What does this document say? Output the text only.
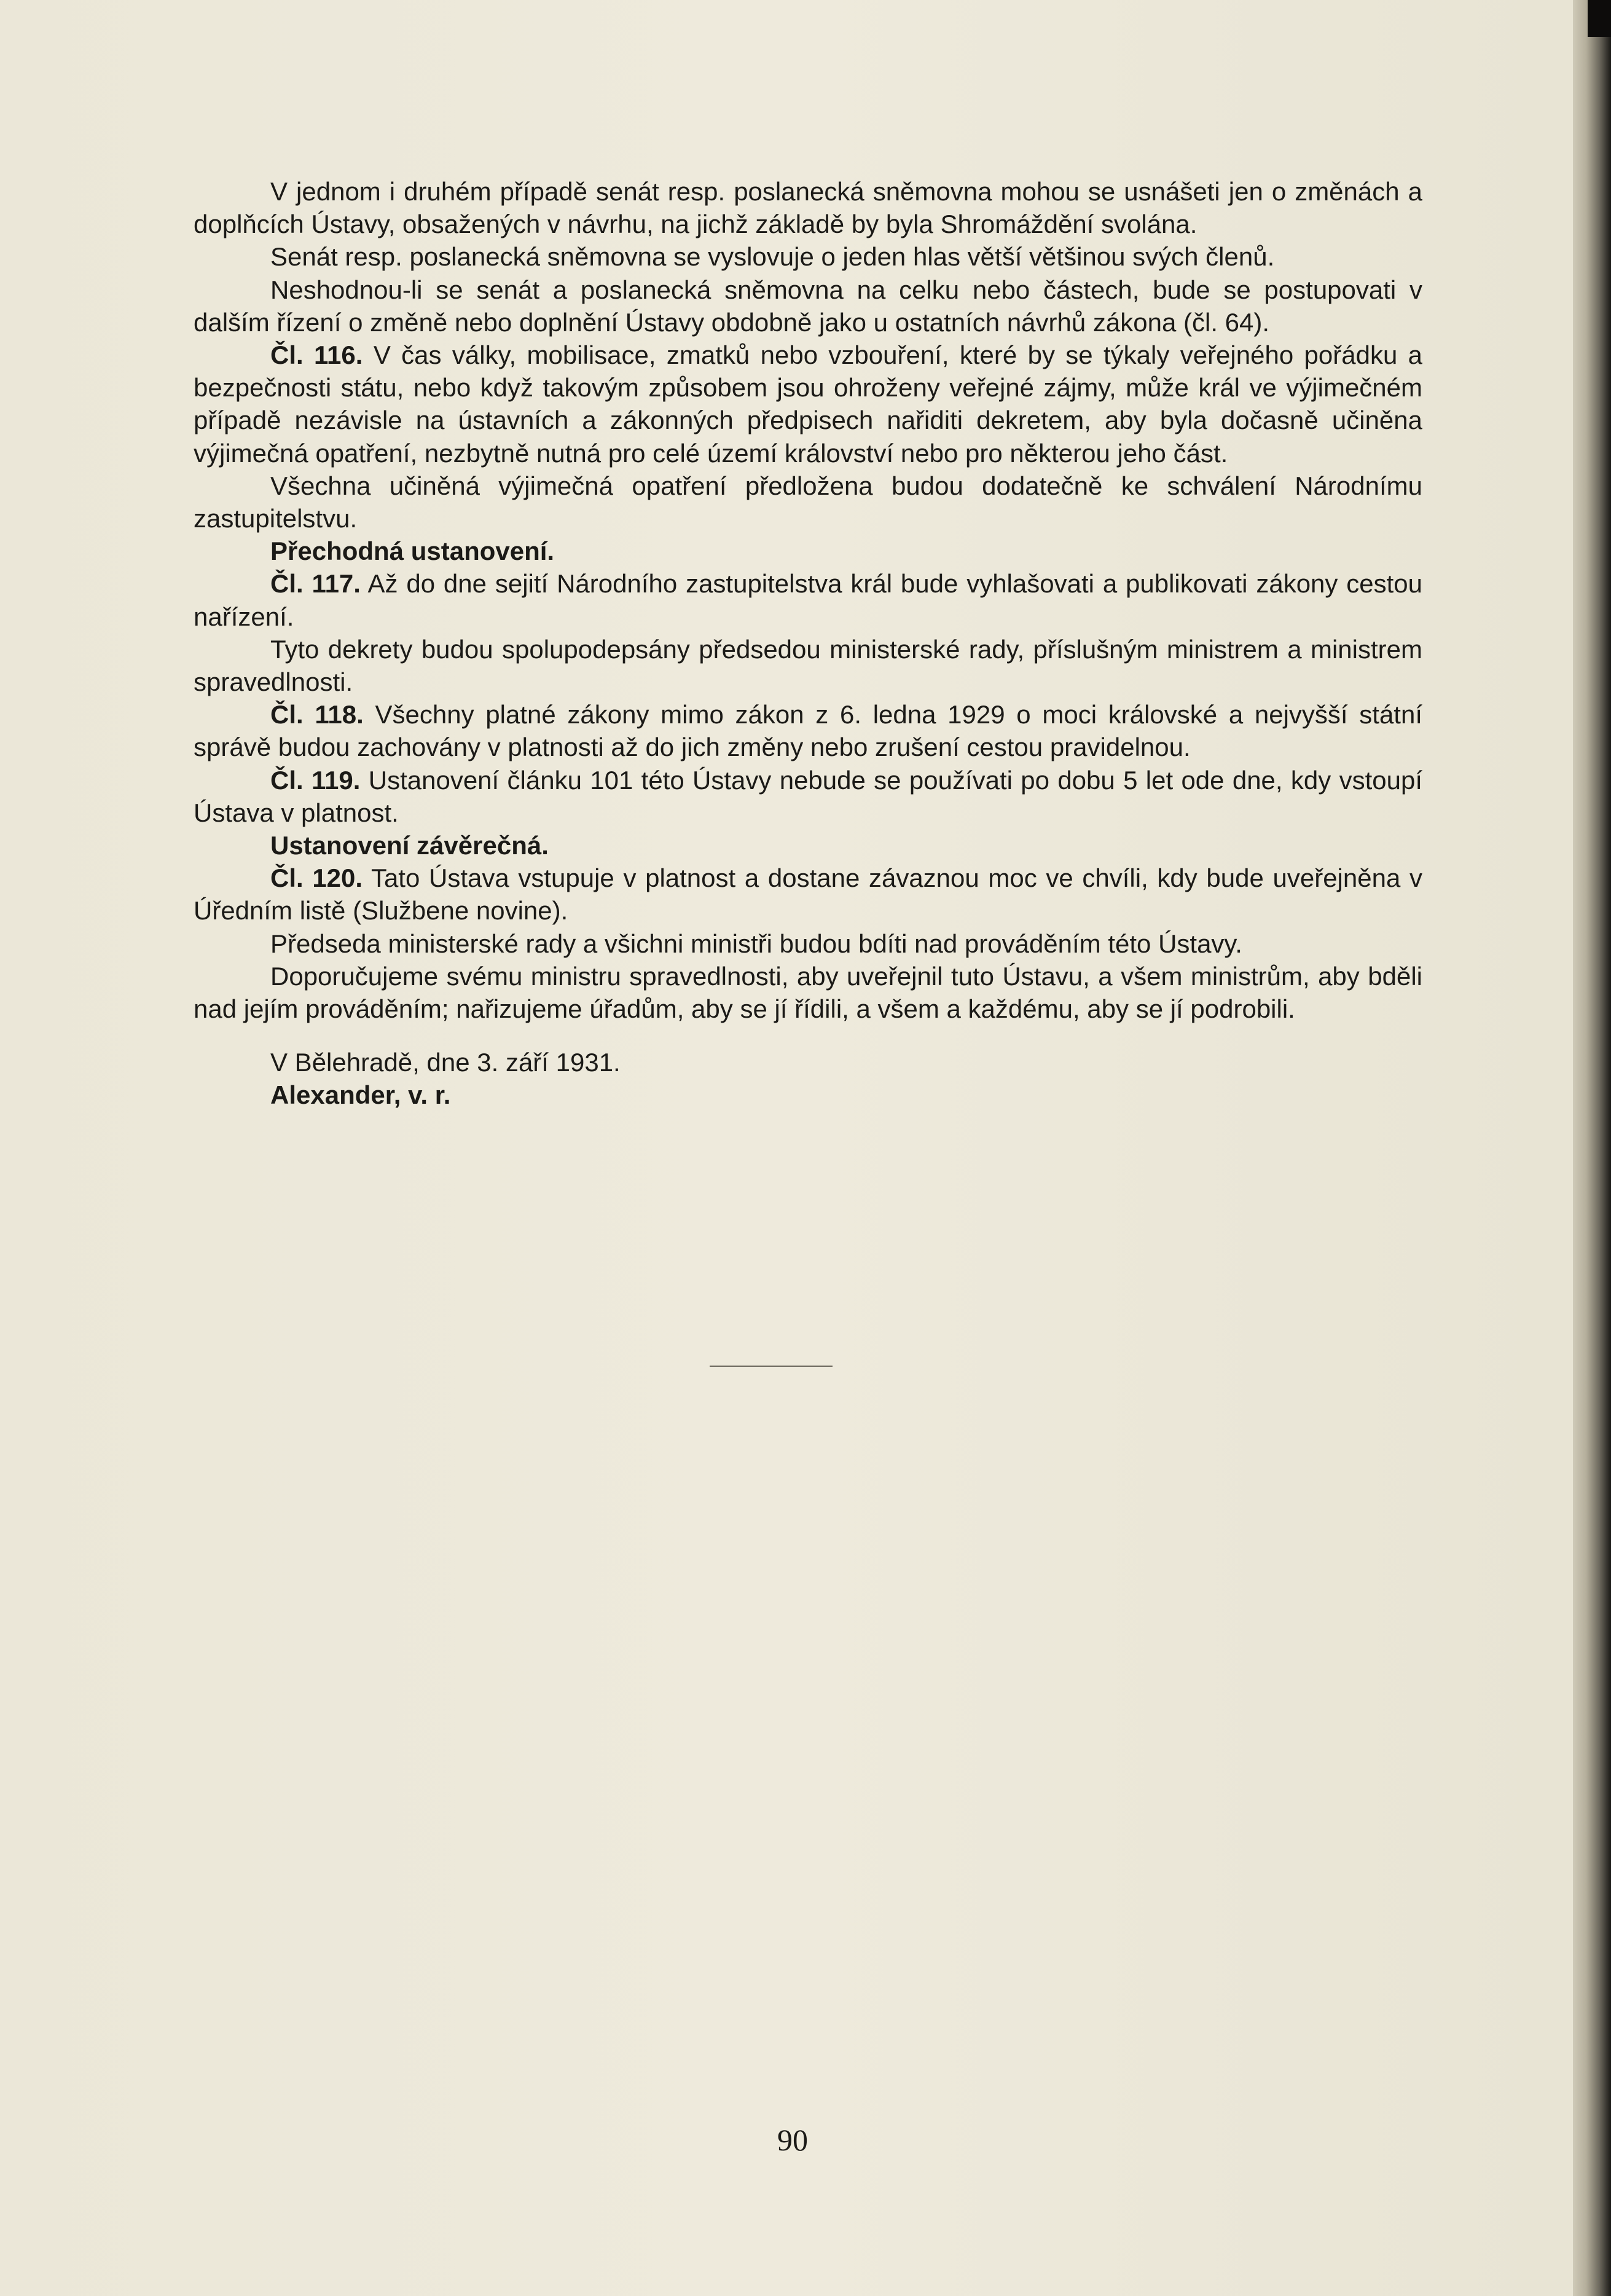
V jednom i druhém případě senát resp. poslanecká sněmovna mohou se usnášeti jen o změnách a doplňcích Ústavy, obsažených v návrhu, na jichž základě by byla Shromáždění svolána.

Senát resp. poslanecká sněmovna se vyslovuje o jeden hlas větší většinou svých členů.

Neshodnou-li se senát a poslanecká sněmovna na celku nebo částech, bude se postupovati v dalším řízení o změně nebo doplnění Ústavy obdobně jako u ostatních návrhů zákona (čl. 64).

Čl. 116. V čas války, mobilisace, zmatků nebo vzbouření, které by se týkaly veřejného pořádku a bezpečnosti státu, nebo když takovým způsobem jsou ohroženy veřejné zájmy, může král ve výjimečném případě nezávisle na ústavních a zákonných předpisech nařiditi dekretem, aby byla dočasně učiněna výjimečná opatření, nezbytně nutná pro celé území království nebo pro některou jeho část.

Všechna učiněná výjimečná opatření předložena budou dodatečně ke schválení Národnímu zastupitelstvu.

Přechodná ustanovení.

Čl. 117. Až do dne sejití Národního zastupitelstva král bude vyhlašovati a publikovati zákony cestou nařízení.

Tyto dekrety budou spolupodepsány předsedou ministerské rady, příslušným ministrem a ministrem spravedlnosti.

Čl. 118. Všechny platné zákony mimo zákon z 6. ledna 1929 o moci královské a nejvyšší státní správě budou zachovány v platnosti až do jich změny nebo zrušení cestou pravidelnou.

Čl. 119. Ustanovení článku 101 této Ústavy nebude se používati po dobu 5 let ode dne, kdy vstoupí Ústava v platnost.

Ustanovení závěrečná.

Čl. 120. Tato Ústava vstupuje v platnost a dostane závaznou moc ve chvíli, kdy bude uveřejněna v Úředním listě (Službene novine).

Předseda ministerské rady a všichni ministři budou bdíti nad prováděním této Ústavy.

Doporučujeme svému ministru spravedlnosti, aby uveřejnil tuto Ústavu, a všem ministrům, aby bděli nad jejím prováděním; nařizujeme úřadům, aby se jí řídili, a všem a každému, aby se jí podrobili.

V Bělehradě, dne 3. září 1931.

Alexander, v. r.

90
